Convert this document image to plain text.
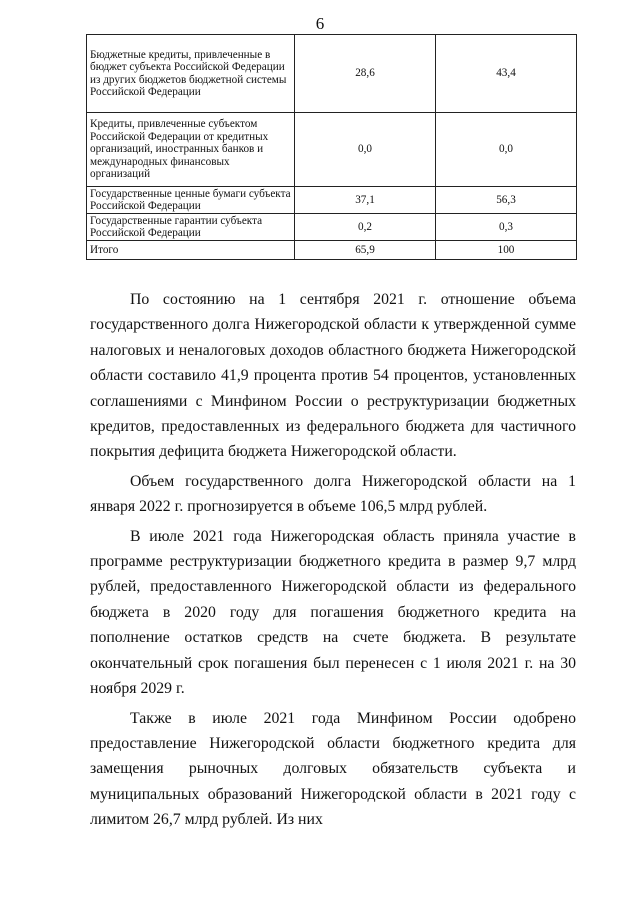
6
Бюджетные кредиты, привлеченные в бюджет субъекта Российской Федерации из других бюджетов бюджетной системы Российской Федерации	28,6	43,4
Кредиты, привлеченные субъектом Российской Федерации от кредитных организаций, иностранных банков и международных финансовых организаций	0,0	0,0
Государственные ценные бумаги субъекта Российской Федерации	37,1	56,3
Государственные гарантии субъекта Российской Федерации	0,2	0,3
Итого	65,9	100

По состоянию на 1 сентября 2021 г. отношение объема государственного долга Нижегородской области к утвержденной сумме налоговых и неналоговых доходов областного бюджета Нижегородской области составило 41,9 процента против 54 процентов, установленных соглашениями с Минфином России о реструктуризации бюджетных кредитов, предоставленных из федерального бюджета для частичного покрытия дефицита бюджета Нижегородской области.

Объем государственного долга Нижегородской области на 1 января 2022 г. прогнозируется в объеме 106,5 млрд рублей.

В июле 2021 года Нижегородская область приняла участие в программе реструктуризации бюджетного кредита в размер 9,7 млрд рублей, предоставленного Нижегородской области из федерального бюджета в 2020 году для погашения бюджетного кредита на пополнение остатков средств на счете бюджета. В результате окончательный срок погашения был перенесен с 1 июля 2021 г. на 30 ноября 2029 г.

Также в июле 2021 года Минфином России одобрено предоставление Нижегородской области бюджетного кредита для замещения рыночных долговых обязательств субъекта и муниципальных образований Нижегородской области в 2021 году с лимитом 26,7 млрд рублей. Из них
